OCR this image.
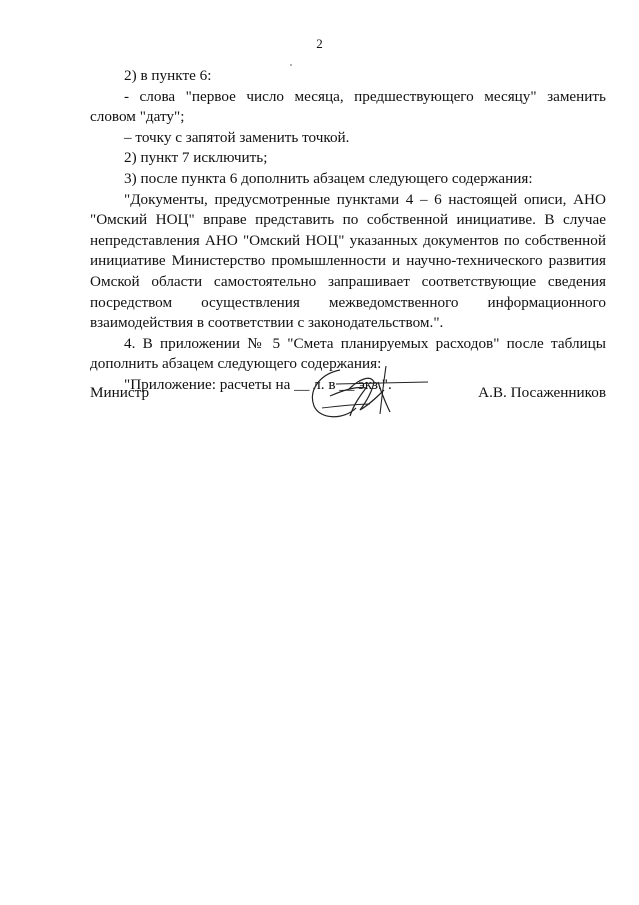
2

2) в пункте 6:

- слова "первое число месяца, предшествующего месяцу" заменить словом "дату";

– точку с запятой заменить точкой.

2) пункт 7 исключить;

3) после пункта 6 дополнить абзацем следующего содержания:

"Документы, предусмотренные пунктами 4 – 6 настоящей описи, АНО "Омский НОЦ" вправе представить по собственной инициативе. В случае непредставления АНО "Омский НОЦ" указанных документов по собственной инициативе Министерство промышленности и научно-технического развития Омской области самостоятельно запрашивает соответствующие сведения посредством осуществления межведомственного информационного взаимодействия в соответствии с законодательством.".

4. В приложении № 5 "Смета планируемых расходов" после таблицы дополнить абзацем следующего содержания:

"Приложение: расчеты на __ л. в __ экз.".

Министр	А.В. Посаженников
